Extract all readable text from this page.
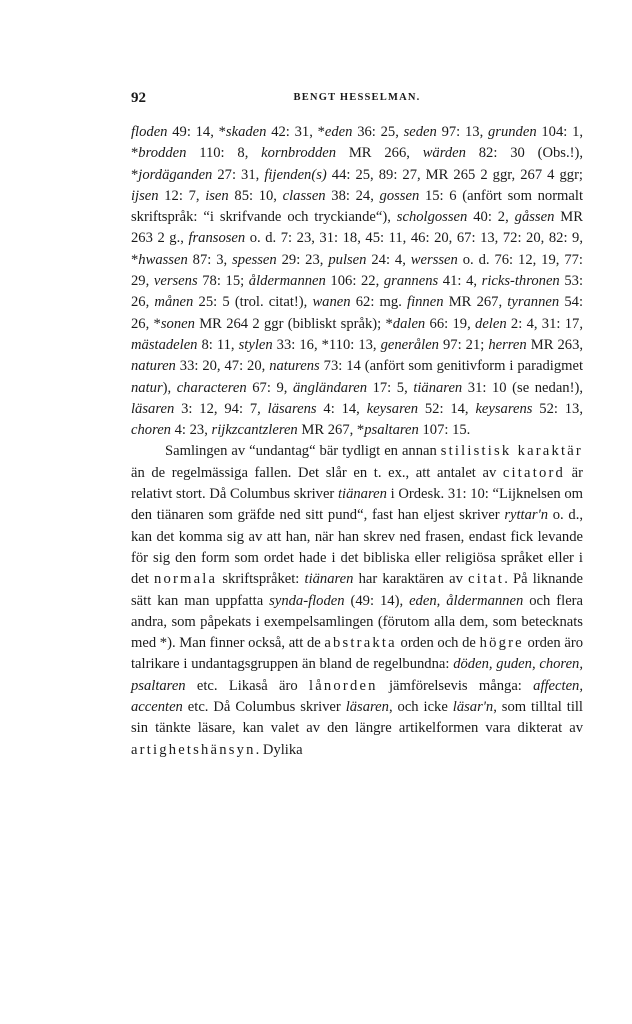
92	BENGT HESSELMAN.

floden 49: 14, *skaden 42: 31, *eden 36: 25, seden 97: 13, grunden 104: 1, *brodden 110: 8, kornbrodden MR 266, wärden 82: 30 (Obs.!), *jordäganden 27: 31, fijenden(s) 44: 25, 89: 27, MR 265 2 ggr, 267 4 ggr; ijsen 12: 7, isen 85: 10, classen 38: 24, gossen 15: 6 (anfört som normalt skriftspråk: “i skrifvande och tryckiande“), scholgossen 40: 2, gåssen MR 263 2 g., fransosen o. d. 7: 23, 31: 18, 45: 11, 46: 20, 67: 13, 72: 20, 82: 9, *hwassen 87: 3, spessen 29: 23, pulsen 24: 4, werssen o. d. 76: 12, 19, 77: 29, versens 78: 15; åldermannen 106: 22, grannens 41: 4, ricks-thronen 53: 26, månen 25: 5 (trol. citat!), wanen 62: mg. finnen MR 267, tyrannen 54: 26, *sonen MR 264 2 ggr (bibliskt språk); *dalen 66: 19, delen 2: 4, 31: 17, mästadelen 8: 11, stylen 33: 16, *110: 13, generålen 97: 21; herren MR 263, naturen 33: 20, 47: 20, naturens 73: 14 (anfört som genitivform i paradigmet natur), characteren 67: 9, ängländaren 17: 5, tiänaren 31: 10 (se nedan!), läsaren 3: 12, 94: 7, läsarens 4: 14, keysaren 52: 14, keysarens 52: 13, choren 4: 23, rijkzcantzleren MR 267, *psaltaren 107: 15.

Samlingen av “undantag“ bär tydligt en annan stilistisk karaktär än de regelmässiga fallen. Det slår en t. ex., att antalet av citatord är relativt stort. Då Columbus skriver tiänaren i Ordesk. 31: 10: “Lijknelsen om den tiänaren som gräfde ned sitt pund“, fast han eljest skriver ryttar'n o. d., kan det komma sig av att han, när han skrev ned frasen, endast fick levande för sig den form som ordet hade i det bibliska eller religiösa språket eller i det normala skriftspråket: tiänaren har karaktären av citat. På liknande sätt kan man uppfatta synda-floden (49: 14), eden, åldermannen och flera andra, som påpekats i exempelsamlingen (förutom alla dem, som betecknats med *). Man finner också, att de abstrakta orden och de högre orden äro talrikare i undantagsgruppen än bland de regelbundna: döden, guden, choren, psaltaren etc. Likaså äro lånorden jämförelsevis många: affecten, accenten etc. Då Columbus skriver läsaren, och icke läsar'n, som tilltal till sin tänkte läsare, kan valet av den längre artikelformen vara dikterat av artighetshänsyn. Dylika
